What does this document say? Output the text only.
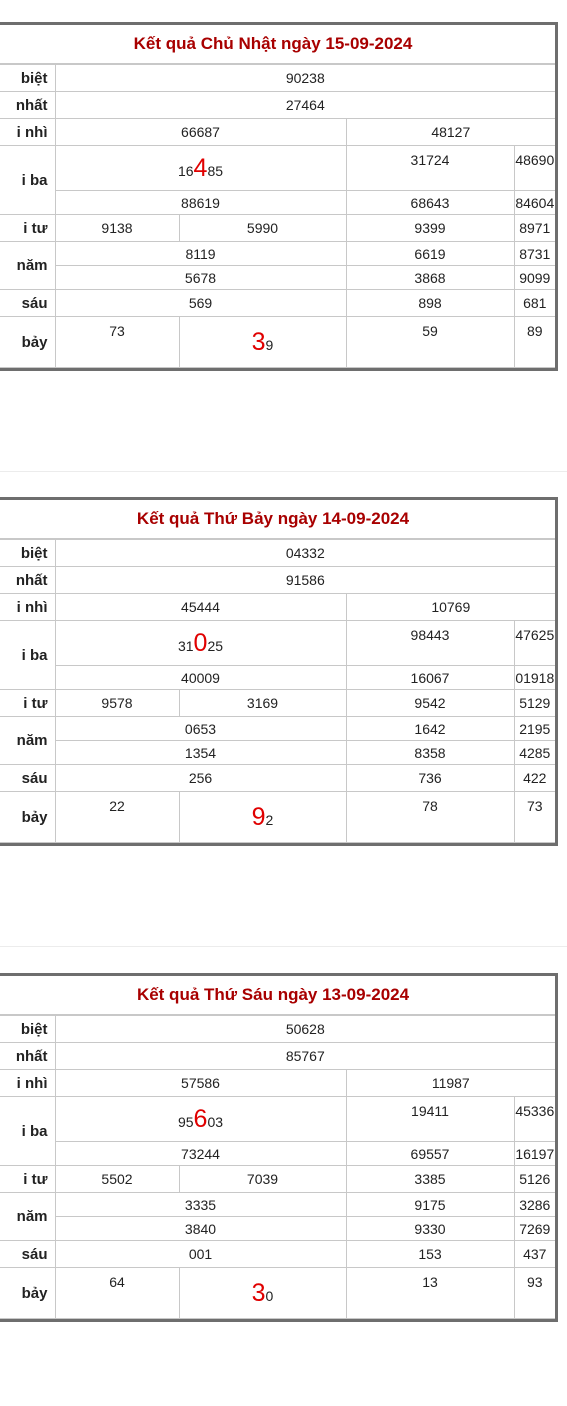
Kết quả Chủ Nhật ngày 15-09-2024
biệt	90238			
nhất	27464			
i nhì	66687		48127	
i ba	16485		31724	48690
	88619		68643	84604
i tư	9138	5990	9399	8971
năm	8119		6619	8731
	5678		3868	9099
sáu	569		898	681
bảy	73	39	59	89
Kết quả Thứ Bảy ngày 14-09-2024
biệt	04332			
nhất	91586			
i nhì	45444		10769	
i ba	31025		98443	47625
	40009		16067	01918
i tư	9578	3169	9542	5129
năm	0653		1642	2195
	1354		8358	4285
sáu	256		736	422
bảy	22	92	78	73
Kết quả Thứ Sáu ngày 13-09-2024
biệt	50628			
nhất	85767			
i nhì	57586		11987	
i ba	95603		19411	45336
	73244		69557	16197
i tư	5502	7039	3385	5126
năm	3335		9175	3286
	3840		9330	7269
sáu	001		153	437
bảy	64	30	13	93
